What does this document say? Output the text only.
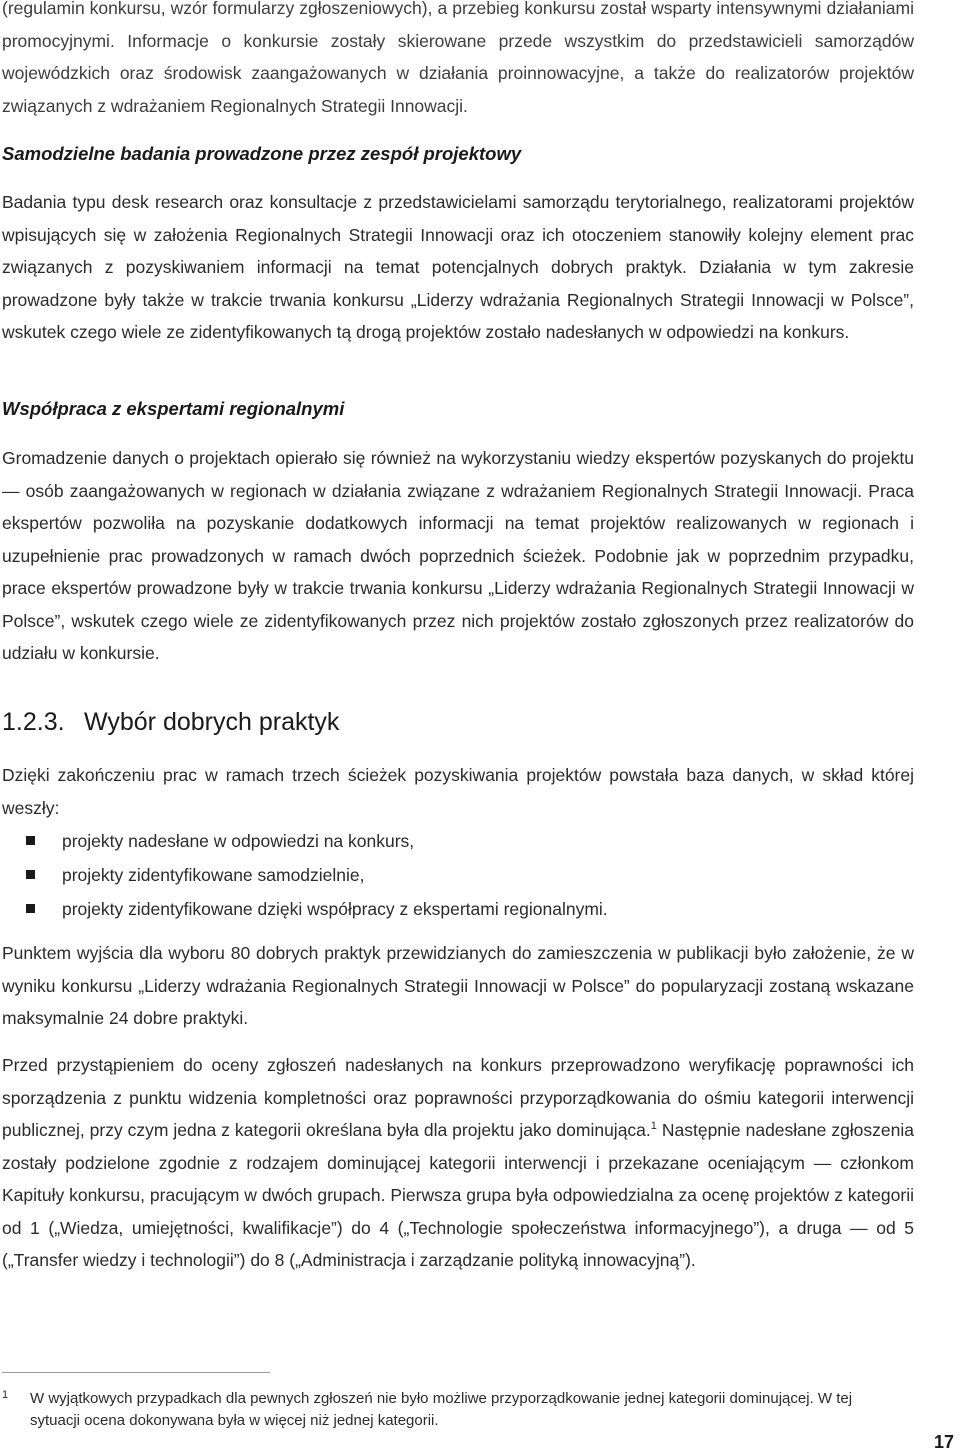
(regulamin konkursu, wzór formularzy zgłoszeniowych), a przebieg konkursu został wsparty intensywnymi działaniami promocyjnymi. Informacje o konkursie zostały skierowane przede wszystkim do przedstawicieli samorządów wojewódzkich oraz środowisk zaangażowanych w działania proinnowacyjne, a także do realizatorów projektów związanych z wdrażaniem Regionalnych Strategii Innowacji.

Samodzielne badania prowadzone przez zespół projektowy

Badania typu desk research oraz konsultacje z przedstawicielami samorządu terytorialnego, realizatorami projektów wpisujących się w założenia Regionalnych Strategii Innowacji oraz ich otoczeniem stanowiły kolejny element prac związanych z pozyskiwaniem informacji na temat potencjalnych dobrych praktyk. Działania w tym zakresie prowadzone były także w trakcie trwania konkursu „Liderzy wdrażania Regionalnych Strategii Innowacji w Polsce”, wskutek czego wiele ze zidentyfikowanych tą drogą projektów zostało nadesłanych w odpowiedzi na konkurs.

Współpraca z ekspertami regionalnymi

Gromadzenie danych o projektach opierało się również na wykorzystaniu wiedzy ekspertów pozyskanych do projektu — osób zaangażowanych w regionach w działania związane z wdrażaniem Regionalnych Strategii Innowacji. Praca ekspertów pozwoliła na pozyskanie dodatkowych informacji na temat projektów realizowanych w regionach i uzupełnienie prac prowadzonych w ramach dwóch poprzednich ścieżek. Podobnie jak w poprzednim przypadku, prace ekspertów prowadzone były w trakcie trwania konkursu „Liderzy wdrażania Regionalnych Strategii Innowacji w Polsce”, wskutek czego wiele ze zidentyfikowanych przez nich projektów zostało zgłoszonych przez realizatorów do udziału w konkursie.

1.2.3. Wybór dobrych praktyk

Dzięki zakończeniu prac w ramach trzech ścieżek pozyskiwania projektów powstała baza danych, w skład której weszły:

projekty nadesłane w odpowiedzi na konkurs,
projekty zidentyfikowane samodzielnie,
projekty zidentyfikowane dzięki współpracy z ekspertami regionalnymi.

Punktem wyjścia dla wyboru 80 dobrych praktyk przewidzianych do zamieszczenia w publikacji było założenie, że w wyniku konkursu „Liderzy wdrażania Regionalnych Strategii Innowacji w Polsce” do popularyzacji zostaną wskazane maksymalnie 24 dobre praktyki.

Przed przystąpieniem do oceny zgłoszeń nadesłanych na konkurs przeprowadzono weryfikację poprawności ich sporządzenia z punktu widzenia kompletności oraz poprawności przyporządkowania do ośmiu kategorii interwencji publicznej, przy czym jedna z kategorii określana była dla projektu jako dominująca.$^1$ Następnie nadesłane zgłoszenia zostały podzielone zgodnie z rodzajem dominującej kategorii interwencji i przekazane oceniającym — członkom Kapituły konkursu, pracującym w dwóch grupach. Pierwsza grupa była odpowiedzialna za ocenę projektów z kategorii od 1 („Wiedza, umiejętności, kwalifikacje”) do 4 („Technologie społeczeństwa informacyjnego”), a druga — od 5 („Transfer wiedzy i technologii”) do 8 („Administracja i zarządzanie polityką innowacyjną”).

1 W wyjątkowych przypadkach dla pewnych zgłoszeń nie było możliwe przyporządkowanie jednej kategorii dominującej. W tej sytuacji ocena dokonywana była w więcej niż jednej kategorii.
17
